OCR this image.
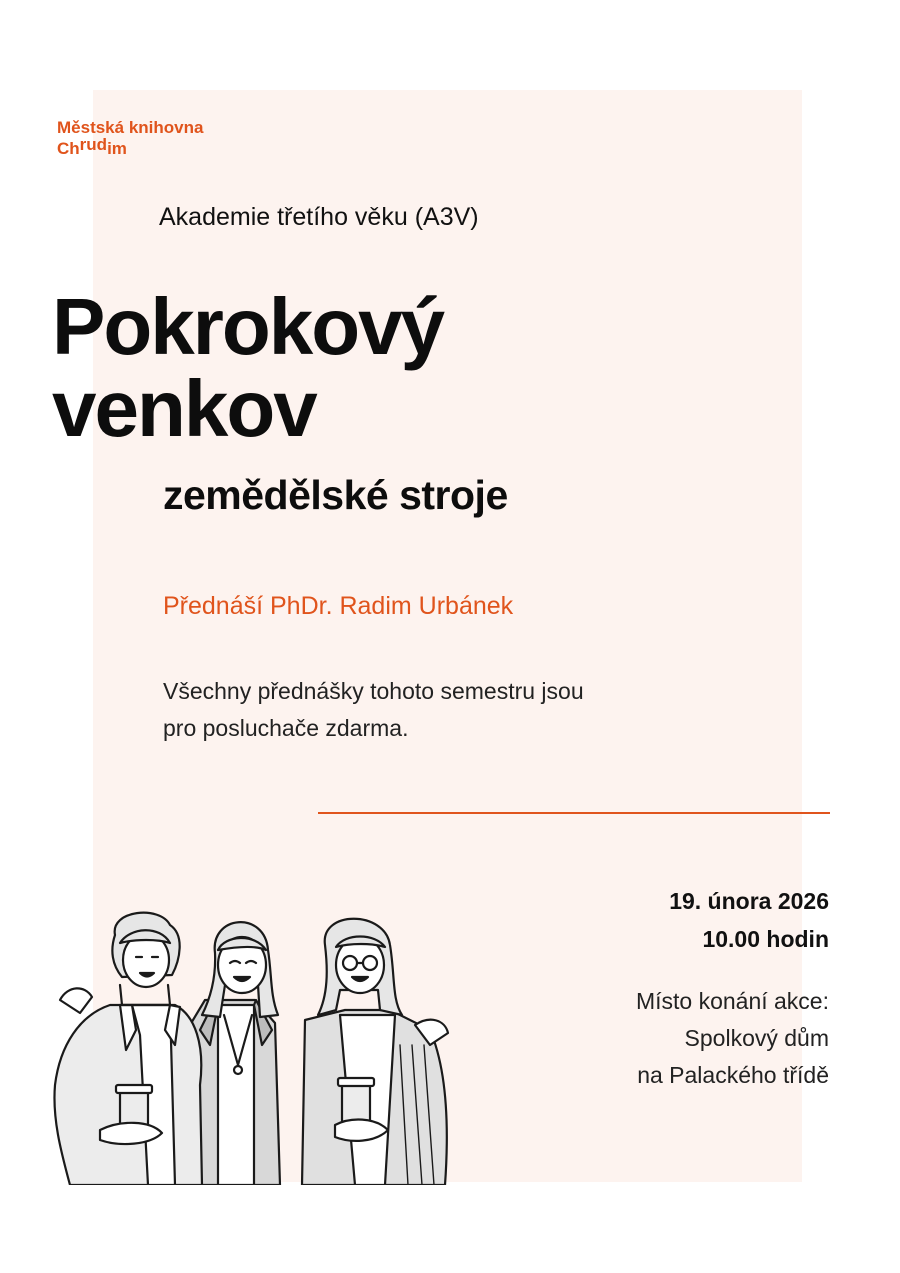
Městská knihovna
Chrudim
Akademie třetího věku (A3V)
Pokrokový
venkov
zemědělské stroje
Přednáší PhDr. Radim Urbánek
Všechny přednášky tohoto semestru jsou
pro posluchače zdarma.
19. února 2026
10.00 hodin
Místo konání akce:
Spolkový dům
na Palackého třídě
